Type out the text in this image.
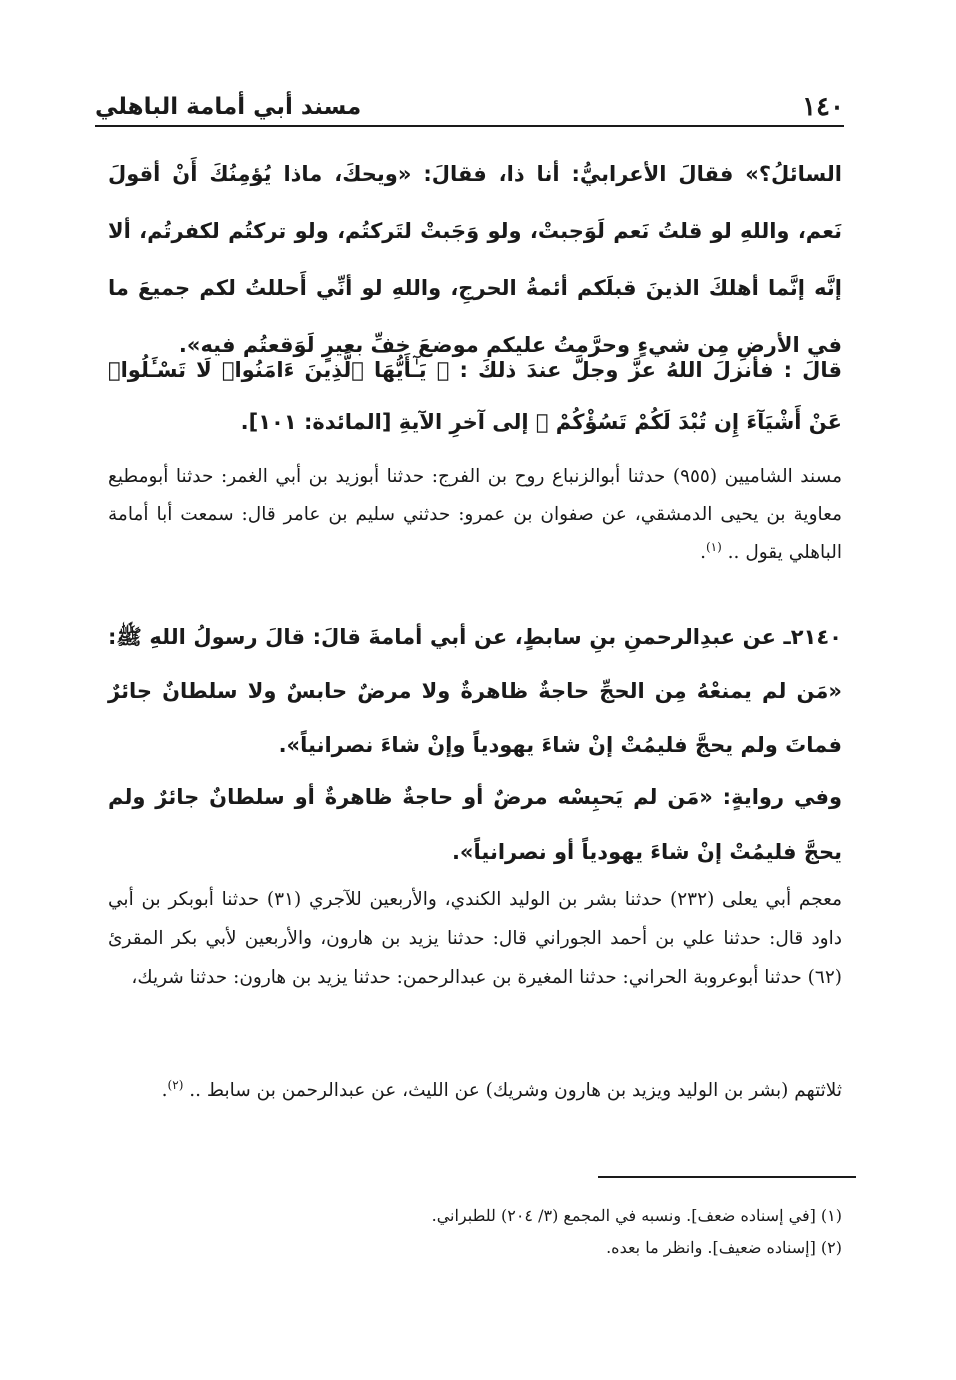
١٤٠
مسند أبي أمامة الباهلي

السائلُ؟» فقالَ الأعرابيُّ: أنا ذا، فقالَ: «ويحكَ، ماذا يُؤمِنُكَ أَنْ أقولَ نَعم، واللهِ لو قلتُ نَعم لَوَجبتْ، ولو وَجَبتْ لتَركتُم، ولو تركتُم لكفرتُم، ألا إنَّه إنَّما أهلكَ الذينَ قبلَكم أئمةُ الحرجِ، واللهِ لو أنِّي أَحللتُ لكم جميعَ ما في الأرضِ مِن شيءٍ وحرَّمتُ عليكم موضعَ خفِّ بعيرٍ لَوَقعتُم فيه».

قالَ : فأنزلَ اللهُ عزَّ وجلَّ عندَ ذلكَ : ﴿ يَـٰٓأَيُّهَا ٱلَّذِينَ ءَامَنُوا۟ لَا تَسْـَٔلُوا۟ عَنْ أَشْيَآءَ إِن تُبْدَ لَكُمْ تَسُؤْكُمْ ﴾ إلى آخرِ الآيةِ [المائدة: ١٠١].

مسند الشاميين (٩٥٥) حدثنا أبوالزنباع روح بن الفرج: حدثنا أبوزيد بن أبي الغمر: حدثنا أبومطيع معاوية بن يحيى الدمشقي، عن صفوان بن عمرو: حدثني سليم بن عامر قال: سمعت أبا أمامة الباهلي يقول .. $^{(١)}$.

٢١٤٠ـ عن عبدِالرحمنِ بنِ سابطٍ، عن أبي أمامةَ قالَ: قالَ رسولُ اللهِ ﷺ: «مَن لم يمنعْهُ مِن الحجِّ حاجةٌ ظاهرةٌ ولا مرضٌ حابسٌ ولا سلطانٌ جائرٌ فماتَ ولم يحجَّ فليمُتْ إنْ شاءَ يهودياً وإنْ شاءَ نصرانياً».

وفي روايةٍ: «مَن لم يَحبِسْه مرضٌ أو حاجةٌ ظاهرةٌ أو سلطانٌ جائرٌ ولم يحجَّ فليمُتْ إنْ شاءَ يهودياً أو نصرانياً».

معجم أبي يعلى (٢٣٢) حدثنا بشر بن الوليد الكندي، والأربعين للآجري (٣١) حدثنا أبوبكر بن أبي داود قال: حدثنا علي بن أحمد الجوراني قال: حدثنا يزيد بن هارون، والأربعين لأبي بكر المقرئ (٦٢) حدثنا أبوعروبة الحراني: حدثنا المغيرة بن عبدالرحمن: حدثنا يزيد بن هارون: حدثنا شريك،

ثلاثتهم (بشر بن الوليد ويزيد بن هارون وشريك) عن الليث، عن عبدالرحمن بن سابط .. $^{(٢)}$.

(١) [في إسناده ضعف]. ونسبه في المجمع (٣/ ٢٠٤) للطبراني.
(٢) [إسناده ضعيف]. وانظر ما بعده.
